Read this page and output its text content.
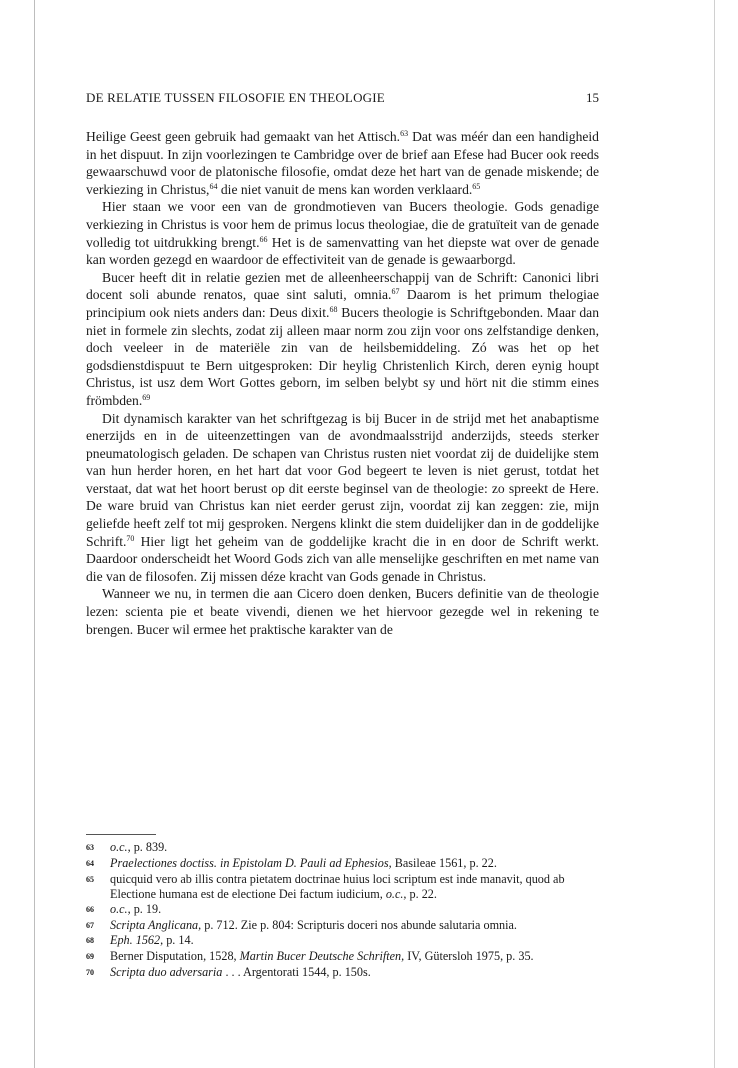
DE RELATIE TUSSEN FILOSOFIE EN THEOLOGIE	15

Heilige Geest geen gebruik had gemaakt van het Attisch.$^{63}$ Dat was méér dan een handigheid in het dispuut. In zijn voorlezingen te Cambridge over de brief aan Efese had Bucer ook reeds gewaarschuwd voor de platonische filosofie, omdat deze het hart van de genade miskende; de verkiezing in Christus,$^{64}$ die niet vanuit de mens kan worden verklaard.$^{65}$

Hier staan we voor een van de grondmotieven van Bucers theologie. Gods genadige verkiezing in Christus is voor hem de primus locus theologiae, die de gratuïteit van de genade volledig tot uitdrukking brengt.$^{66}$ Het is de samenvatting van het diepste wat over de genade kan worden gezegd en waardoor de effectiviteit van de genade is gewaarborgd.

Bucer heeft dit in relatie gezien met de alleenheerschappij van de Schrift: Canonici libri docent soli abunde renatos, quae sint saluti, omnia.$^{67}$ Daarom is het primum thelogiae principium ook niets anders dan: Deus dixit.$^{68}$ Bucers theologie is Schriftgebonden. Maar dan niet in formele zin slechts, zodat zij alleen maar norm zou zijn voor ons zelfstandige denken, doch veeleer in de materiële zin van de heilsbemiddeling. Zó was het op het godsdienstdispuut te Bern uitgesproken: Dir heylig Christenlich Kirch, deren eynig houpt Christus, ist usz dem Wort Gottes geborn, im selben belybt sy und hört nit die stimm eines frömbden.$^{69}$

Dit dynamisch karakter van het schriftgezag is bij Bucer in de strijd met het anabaptisme enerzijds en in de uiteenzettingen van de avondmaalsstrijd anderzijds, steeds sterker pneumatologisch geladen. De schapen van Christus rusten niet voordat zij de duidelijke stem van hun herder horen, en het hart dat voor God begeert te leven is niet gerust, totdat het verstaat, dat wat het hoort berust op dit eerste beginsel van de theologie: zo spreekt de Here. De ware bruid van Christus kan niet eerder gerust zijn, voordat zij kan zeggen: zie, mijn geliefde heeft zelf tot mij gesproken. Nergens klinkt die stem duidelijker dan in de goddelijke Schrift.$^{70}$ Hier ligt het geheim van de goddelijke kracht die in en door de Schrift werkt. Daardoor onderscheidt het Woord Gods zich van alle menselijke geschriften en met name van die van de filosofen. Zij missen déze kracht van Gods genade in Christus.

Wanneer we nu, in termen die aan Cicero doen denken, Bucers definitie van de theologie lezen: scienta pie et beate vivendi, dienen we het hiervoor gezegde wel in rekening te brengen. Bucer wil ermee het praktische karakter van de

63	o.c., p. 839.
64	Praelectiones doctiss. in Epistolam D. Pauli ad Ephesios, Basileae 1561, p. 22.
65	quicquid vero ab illis contra pietatem doctrinae huius loci scriptum est inde manavit, quod ab Electione humana est de electione Dei factum iudicium, o.c., p. 22.
66	o.c., p. 19.
67	Scripta Anglicana, p. 712. Zie p. 804: Scripturis doceri nos abunde salutaria omnia.
68	Eph. 1562, p. 14.
69	Berner Disputation, 1528, Martin Bucer Deutsche Schriften, IV, Gütersloh 1975, p. 35.
70	Scripta duo adversaria . . . Argentorati 1544, p. 150s.
